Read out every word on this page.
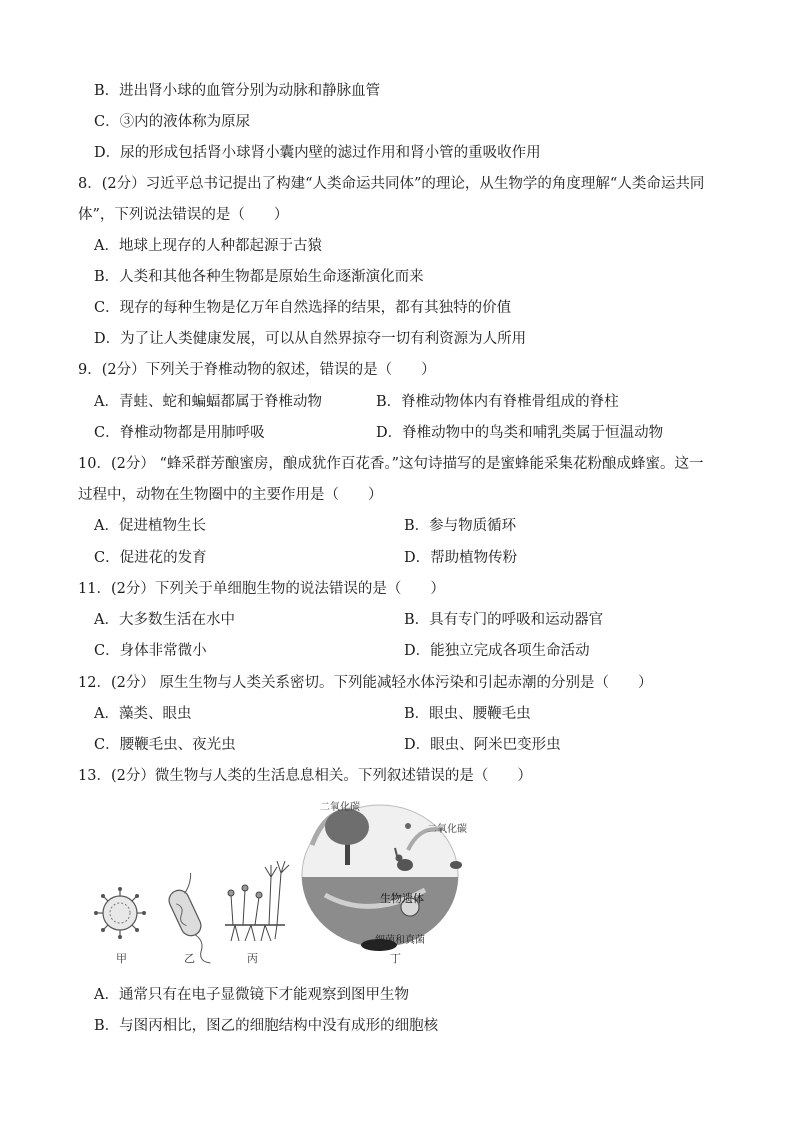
B．进出肾小球的血管分别为动脉和静脉血管
C．③内的液体称为原尿
D．尿的形成包括肾小球肾小囊内壁的滤过作用和肾小管的重吸收作用
8．(2分）习近平总书记提出了构建“人类命运共同体”的理论，从生物学的角度理解“人类命运共同
体”，下列说法错误的是（　　）
A．地球上现存的人种都起源于古猿
B．人类和其他各种生物都是原始生命逐渐演化而来
C．现存的每种生物是亿万年自然选择的结果，都有其独特的价值
D．为了让人类健康发展，可以从自然界掠夺一切有利资源为人所用
9．(2分）下列关于脊椎动物的叙述，错误的是（　　）
A．青蛙、蛇和蝙蝠都属于脊椎动物	B．脊椎动物体内有脊椎骨组成的脊柱
C．脊椎动物都是用肺呼吸	D．脊椎动物中的鸟类和哺乳类属于恒温动物
10．(2分） “蜂采群芳酿蜜房，酿成犹作百花香。”这句诗描写的是蜜蜂能采集花粉酿成蜂蜜。这一
过程中，动物在生物圈中的主要作用是（　　）
A．促进植物生长	B．参与物质循环
C．促进花的发育	D．帮助植物传粉
11．(2分）下列关于单细胞生物的说法错误的是（　　）
A．大多数生活在水中	B．具有专门的呼吸和运动器官
C．身体非常微小	D．能独立完成各项生命活动
12．(2分） 原生生物与人类关系密切。下列能减轻水体污染和引起赤潮的分别是（　　）
A．藻类、眼虫	B．眼虫、腰鞭毛虫
C．腰鞭毛虫、夜光虫	D．眼虫、阿米巴变形虫
13．(2分）微生物与人类的生活息息相关。下列叙述错误的是（　　）
二氧化碳
二氧化碳
生物遗体
细菌和真菌
甲	乙	丙	丁
A．通常只有在电子显微镜下才能观察到图甲生物
B．与图丙相比，图乙的细胞结构中没有成形的细胞核
